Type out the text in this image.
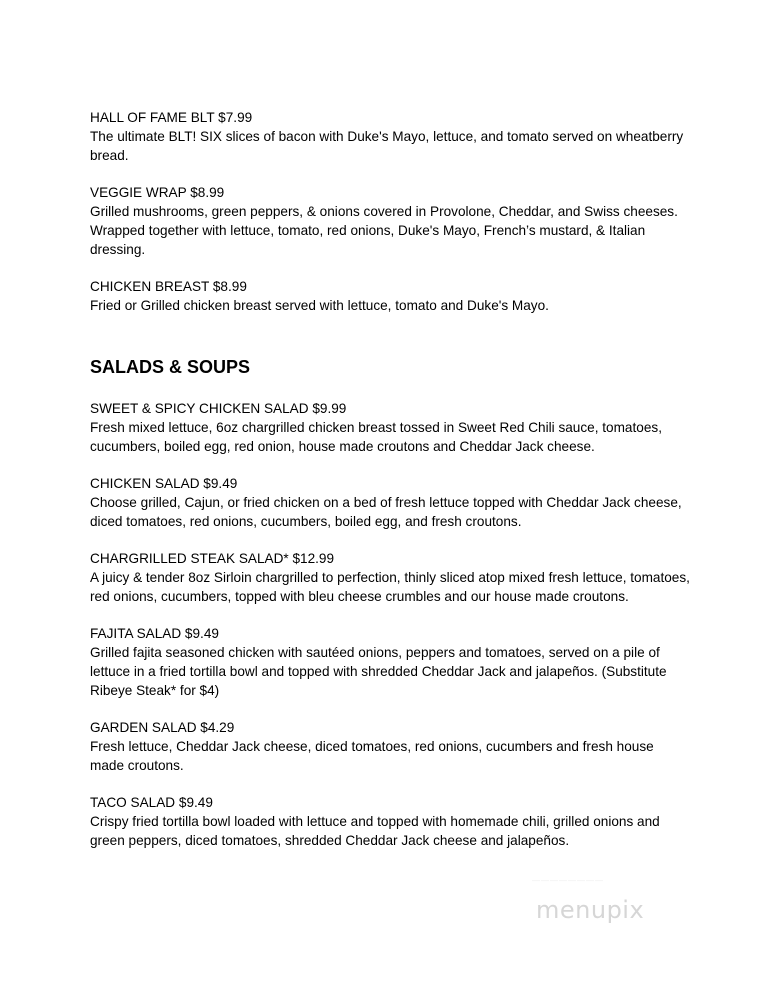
HALL OF FAME BLT $7.99
The ultimate BLT! SIX slices of bacon with Duke's Mayo, lettuce, and tomato served on wheatberry bread.
VEGGIE WRAP $8.99
Grilled mushrooms, green peppers, & onions covered in Provolone, Cheddar, and Swiss cheeses. Wrapped together with lettuce, tomato, red onions, Duke's Mayo, French’s mustard, & Italian dressing.
CHICKEN BREAST $8.99
Fried or Grilled chicken breast served with lettuce, tomato and Duke's Mayo.
SALADS & SOUPS
SWEET & SPICY CHICKEN SALAD $9.99
Fresh mixed lettuce, 6oz chargrilled chicken breast tossed in Sweet Red Chili sauce, tomatoes, cucumbers, boiled egg, red onion, house made croutons and Cheddar Jack cheese.
CHICKEN SALAD $9.49
Choose grilled, Cajun, or fried chicken on a bed of fresh lettuce topped with Cheddar Jack cheese, diced tomatoes, red onions, cucumbers, boiled egg, and fresh croutons.
CHARGRILLED STEAK SALAD* $12.99
A juicy & tender 8oz Sirloin chargrilled to perfection, thinly sliced atop mixed fresh lettuce, tomatoes, red onions, cucumbers, topped with bleu cheese crumbles and our house made croutons.
FAJITA SALAD $9.49
Grilled fajita seasoned chicken with sautéed onions, peppers and tomatoes, served on a pile of lettuce in a fried tortilla bowl and topped with shredded Cheddar Jack and jalapeños. (Substitute Ribeye Steak* for $4)
GARDEN SALAD $4.29
Fresh lettuce, Cheddar Jack cheese, diced tomatoes, red onions, cucumbers and fresh house made croutons.
TACO SALAD $9.49
Crispy fried tortilla bowl loaded with lettuce and topped with homemade chili, grilled onions and green peppers, diced tomatoes, shredded Cheddar Jack cheese and jalapeños.
――――――――
menupix
